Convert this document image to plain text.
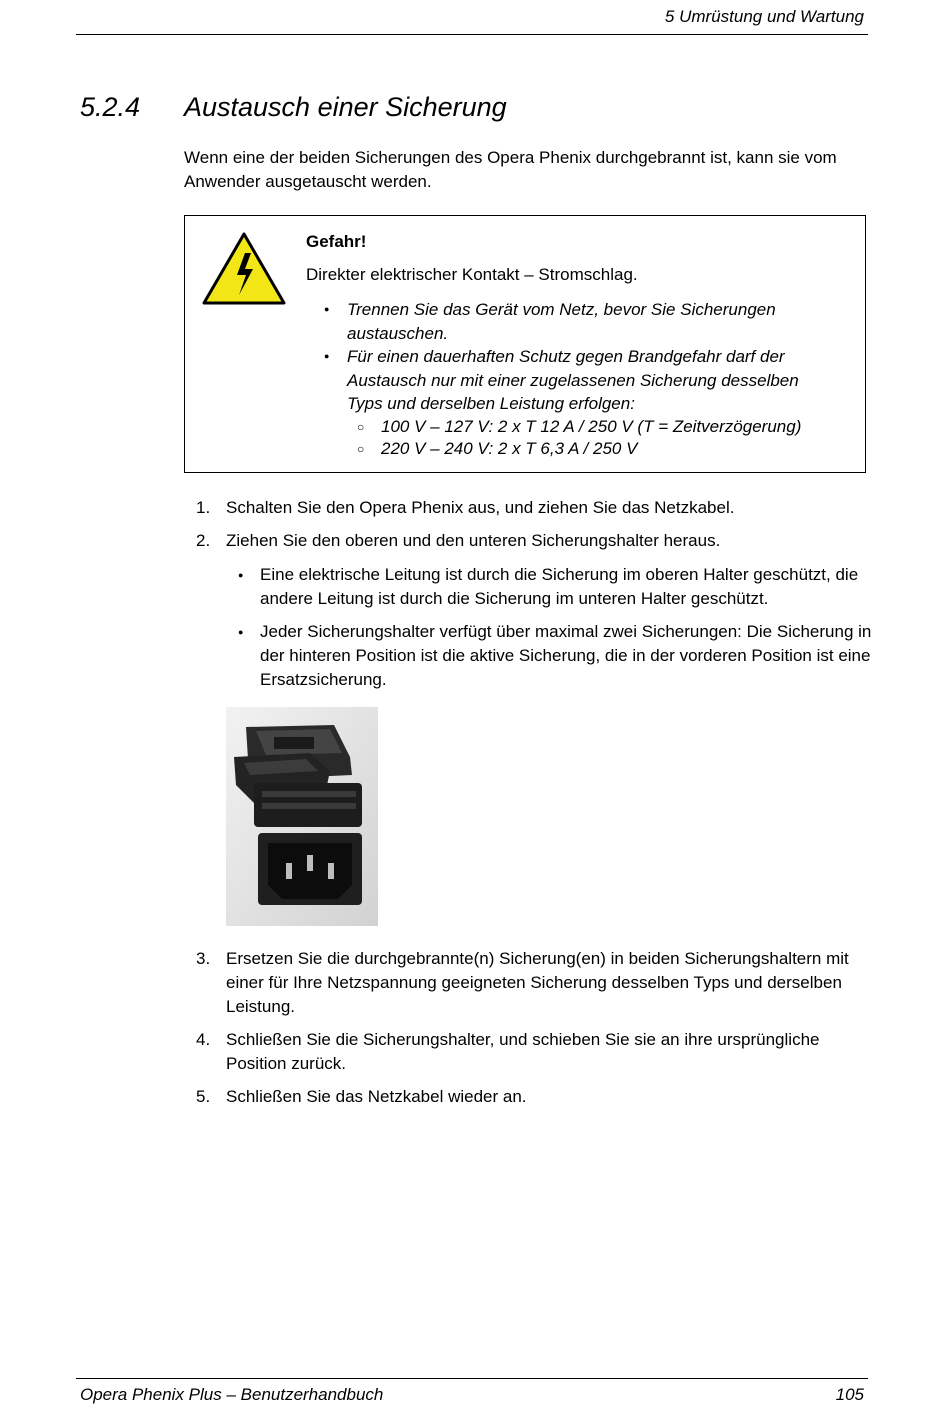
5 Umrüstung und Wartung
5.2.4 Austausch einer Sicherung

Wenn eine der beiden Sicherungen des Opera Phenix durchgebrannt ist, kann sie vom Anwender ausgetauscht werden.

Gefahr!
Direkter elektrischer Kontakt – Stromschlag.
● Trennen Sie das Gerät vom Netz, bevor Sie Sicherungen austauschen.
● Für einen dauerhaften Schutz gegen Brandgefahr darf der Austausch nur mit einer zugelassenen Sicherung desselben Typs und derselben Leistung erfolgen:
○ 100 V – 127 V: 2 x T 12 A / 250 V (T = Zeitverzögerung)
○ 220 V – 240 V: 2 x T 6,3 A / 250 V
1. Schalten Sie den Opera Phenix aus, und ziehen Sie das Netzkabel.
2. Ziehen Sie den oberen und den unteren Sicherungshalter heraus.
● Eine elektrische Leitung ist durch die Sicherung im oberen Halter geschützt, die andere Leitung ist durch die Sicherung im unteren Halter geschützt.
● Jeder Sicherungshalter verfügt über maximal zwei Sicherungen: Die Sicherung in der hinteren Position ist die aktive Sicherung, die in der vorderen Position ist eine Ersatzsicherung.
3. Ersetzen Sie die durchgebrannte(n) Sicherung(en) in beiden Sicherungshaltern mit einer für Ihre Netzspannung geeigneten Sicherung desselben Typs und derselben Leistung.
4. Schließen Sie die Sicherungshalter, und schieben Sie sie an ihre ursprüngliche Position zurück.
5. Schließen Sie das Netzkabel wieder an.
Opera Phenix Plus – Benutzerhandbuch	105
